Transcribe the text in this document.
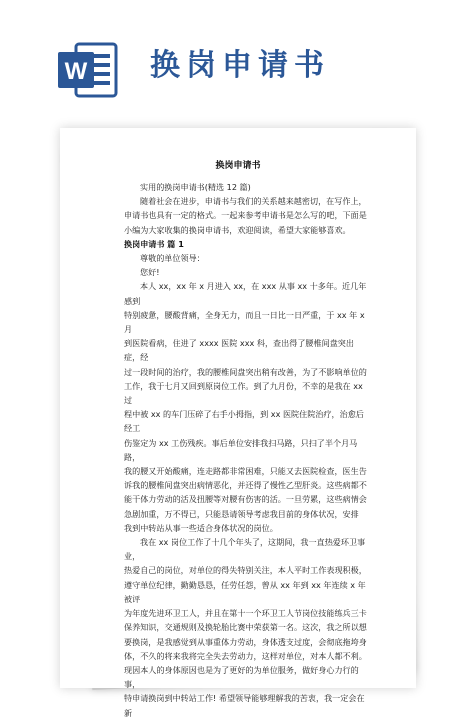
W 换岗申请书
换岗申请书

实用的换岗申请书(精选 12 篇)

随着社会在进步，申请书与我们的关系越来越密切，在写作上，

申请书也具有一定的格式。一起来参考申请书是怎么写的吧，下面是

小编为大家收集的换岗申请书，欢迎阅读，希望大家能够喜欢。

换岗申请书 篇 1

尊敬的单位领导：

您好!

本人 xx，xx 年 x 月进入 xx，在 xxx 从事 xx 十多年。近几年感到

特别疲惫，腰酸背痛，全身无力，而且一日比一日严重，于 xx 年 x 月

到医院看病，住进了 xxxx 医院 xxx 科，查出得了腰椎间盘突出症，经

过一段时间的治疗，我的腰椎间盘突出稍有改善，为了不影响单位的

工作，我于七月又回到原岗位工作。到了九月份，不幸的是我在 xx 过

程中被 xx 的车门压碎了右手小拇指，到 xx 医院住院治疗，治愈后经工

伤鉴定为 xx 工伤残疾。事后单位安排我扫马路，只扫了半个月马路，

我的腰又开始酸痛，连走路都非常困难，只能又去医院检查，医生告

诉我的腰椎间盘突出病情恶化，并还得了慢性乙型肝炎。这些病都不

能干体力劳动的活及扭腰等对腰有伤害的活。一旦劳累，这些病情会

急剧加重，万不得已，只能恳请领导考虑我目前的身体状况，安排

我到中转站从事一些适合身体状况的岗位。

我在 xx 岗位工作了十几个年头了，这期间，我一直热爱环卫事业，

热爱自己的岗位，对单位的得失特别关注，本人平时工作表现积极，

遵守单位纪律，勤勤恳恳，任劳任怨，曾从 xx 年到 xx 年连续 x 年被评

为年度先进环卫工人，并且在第十一个环卫工人节岗位技能练兵三卡

保养知识，交通规则及换轮胎比赛中荣获第一名。这次，我之所以想

要换岗，是我感觉到从事重体力劳动，身体透支过度，会彻底拖垮身

体，不久的将来我将完全失去劳动力，这样对单位，对本人都不利。

现因本人的身体原因也是为了更好的为单位服务，做好身心力行的事，

特申请换岗到中转站工作! 希望领导能够理解我的苦衷，我一定会在新
